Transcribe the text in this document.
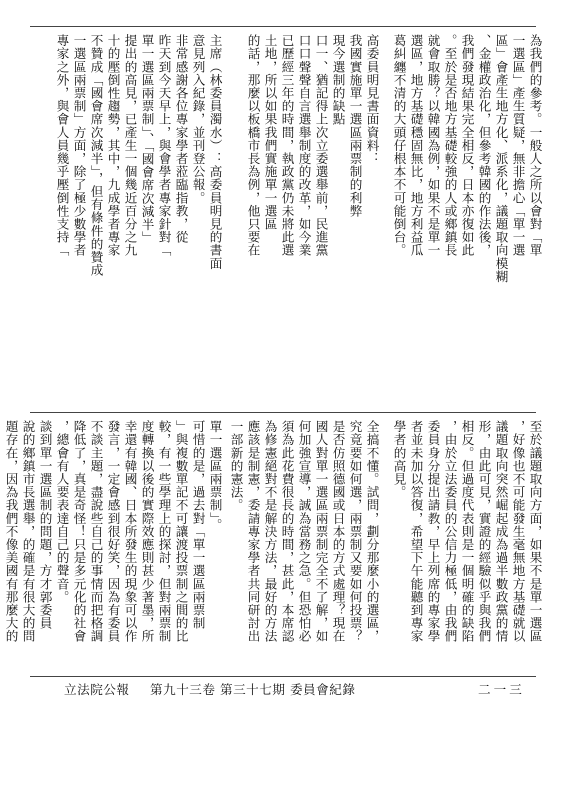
為我們的參考。一般人之所以會對「單
一選區」產生質疑，無非擔心「單一選
區」會產生地方化、派系化，議題取向模糊
、金權政治化，但參考韓國的作法後，
我們發現結果完全相反，日本亦復如此
。至於是否地方基礎較強的人或鄉鎮長
就會取勝？以韓國為例，如果不是單一
選區，地方基礎穩固無比，地方利益瓜
葛糾纏不清的大頭仔根本不可能倒台。
至於議題取向方面，如果不是單一選區
，好像也不可能發生毫無地方基礎就以
議題取向突然崛起成為過半數政黨的情
形，由此可見，實證的經驗似乎與我們
相反。但過度代表則是一個明確的缺陷
，由於立法委員的公信力極低，由我們
委員身分提出請教，早上列席的專家學
者並未加以答復，希望下午能聽到專家
學者的高見。
高委員明見書面資料：
我國實施單一選區兩票制的利弊
現今選制的缺點
口一、猶記得上次立委選舉前，民進黨
口口聲聲自言選舉制度的改革，如今業
已歷經三年的時間，執政黨仍未將此選
全搞不懂。試問，劃分那麼小的選區，
究竟要如何選，兩票制又要如何投票？
是否仿照德國或日本的方式處理？現在
國人對單一選區兩票制完全不了解，如
何加強宣導，誠為當務之急。但恐怕必
須為此花費很長的時間，甚此，本席認
為修憲絕對不是解決方法，最好的方法
應該是制憲，委請專家學者共同研討出
一部新的憲法。
主席（林委員濁水）：高委員明見的書面
意見列入紀錄，並刊登公報。
非常感謝各位專家學者蒞臨指教，從
昨天到今天早上，與會學者專家針對「
單一選區兩票制」、「國會席次減半」
提出的高見，已產生一個幾近百分之九
十的壓倒性趨勢，其中，九成學者專家
不贊成「國會席次減半」，但有條件的贊成
一選區兩票制」方面，除了極少數學者
專家之外，與會人員幾乎壓倒性支持「
單一選區兩票制」。
可惜的是，過去對「單一選區兩票制
」與複數單記不可讓渡投票制之間的比
較，有一些學理上的探討，但對兩票制
度轉換以後的實際效應則甚少著墨，所
幸還有韓國、日本所發生的現象可以作
發言，一定會感到很好笑，因為有委員
不談主題，盡說些自己的事情而把格調
降低了，真是奇怪！只是多元化的社會
，總會有人要表達自己的聲音。
談到單一選區制的問題，方才郭委員
說的鄉鎮市長選舉，的確是有很大的問
題存在，因為我們不像美國有那麼大的
土地，所以如果我們實施單一選區
的話，那麼以板橋市長為例，他只要在
立法院公報 第九十三卷 第三十七期 委員會紀錄	二一三
